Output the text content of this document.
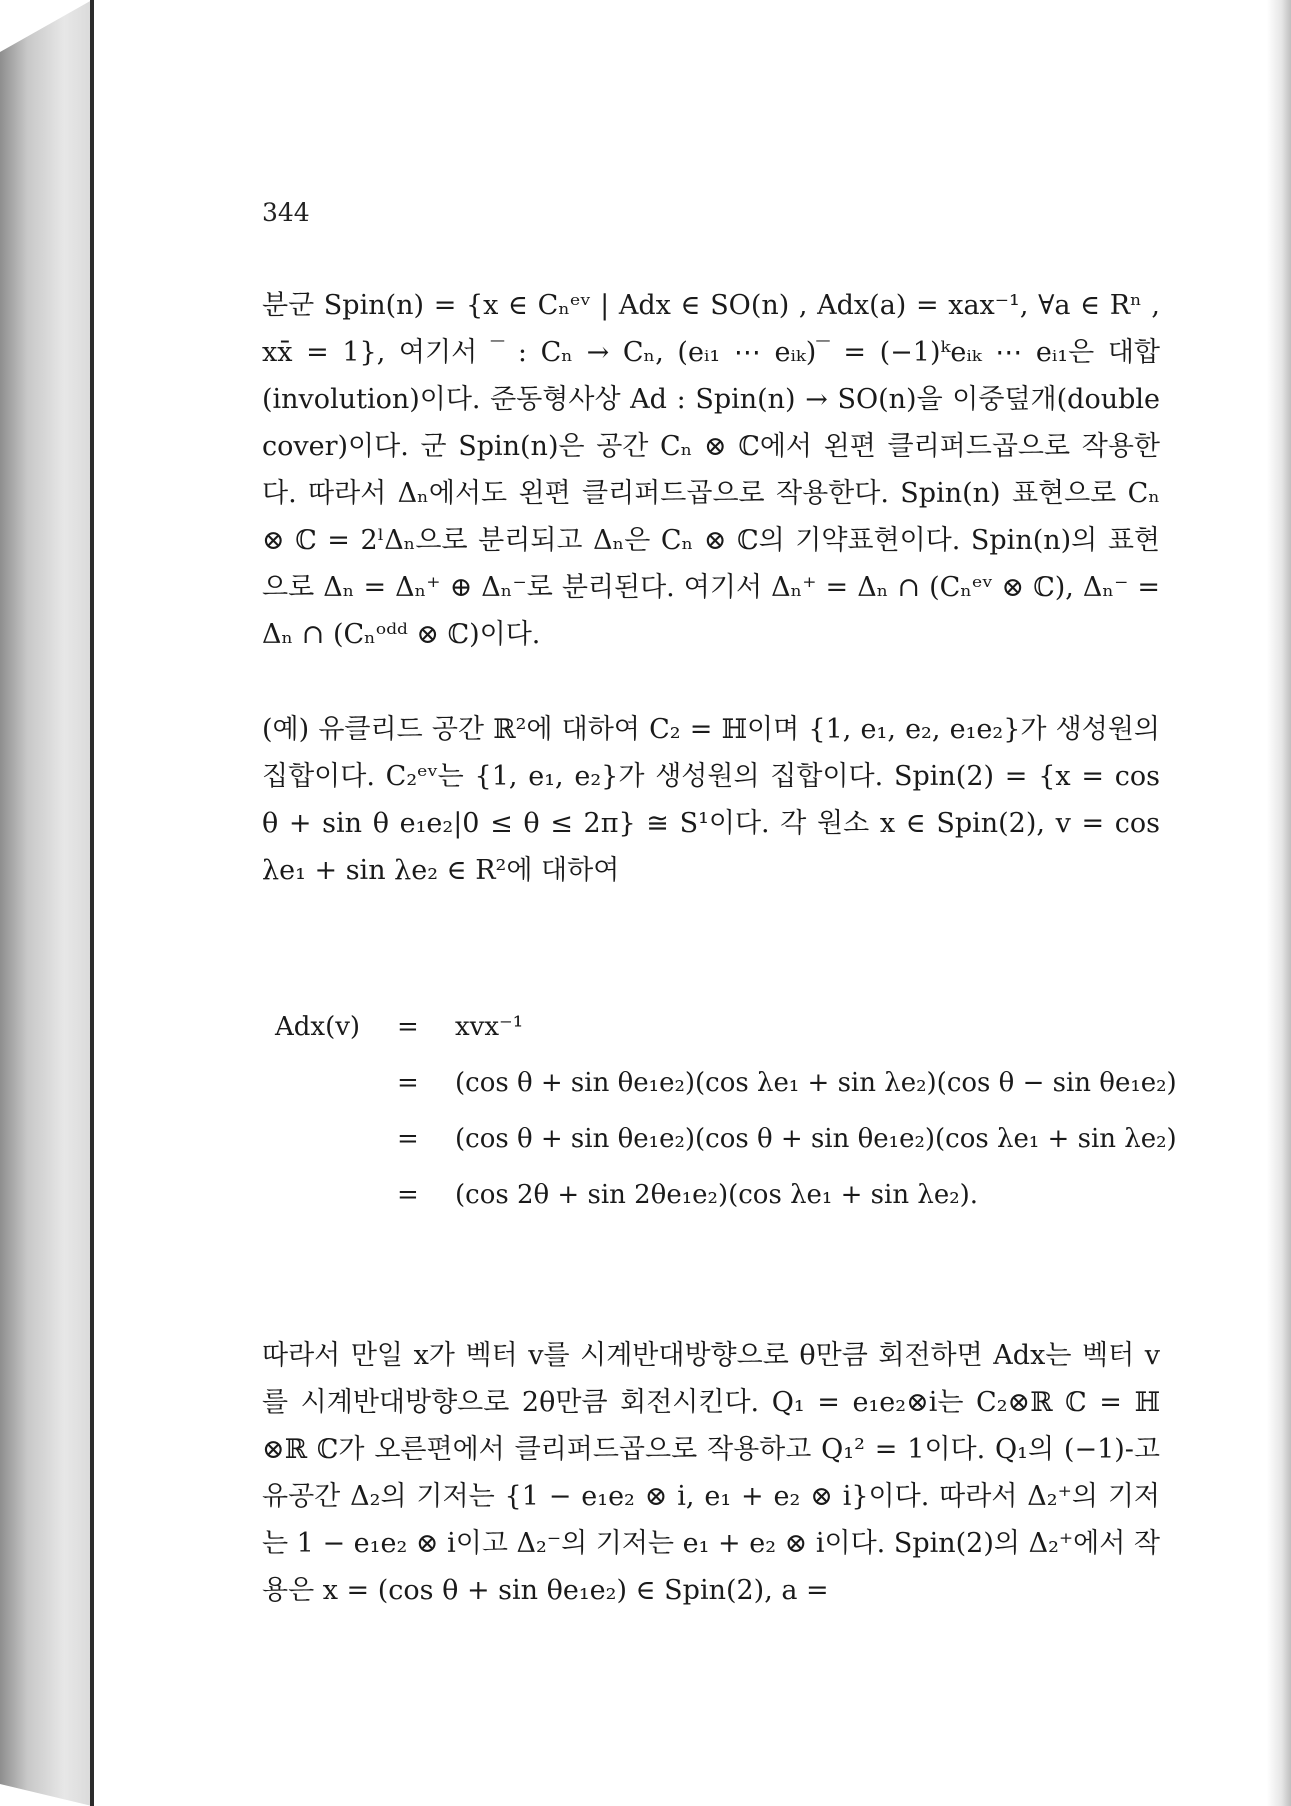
344

분군 Spin(n) = {x ∈ Cₙᵉᵛ | Adx ∈ SO(n) , Adx(a) = xax⁻¹, ∀a ∈ Rⁿ , xx̄ = 1}, 여기서 ‾ : Cₙ → Cₙ, (eᵢ₁ ⋯ eᵢₖ)‾ = (−1)ᵏeᵢₖ ⋯ eᵢ₁은 대합(involution)이다. 준동형사상 Ad : Spin(n) → SO(n)을 이중덮개(double cover)이다. 군 Spin(n)은 공간 Cₙ ⊗ ℂ에서 왼편 클리퍼드곱으로 작용한다. 따라서 Δₙ에서도 왼편 클리퍼드곱으로 작용한다. Spin(n) 표현으로 Cₙ ⊗ ℂ = 2ˡΔₙ으로 분리되고 Δₙ은 Cₙ ⊗ ℂ의 기약표현이다. Spin(n)의 표현으로 Δₙ = Δₙ⁺ ⊕ Δₙ⁻로 분리된다. 여기서 Δₙ⁺ = Δₙ ∩ (Cₙᵉᵛ ⊗ ℂ), Δₙ⁻ = Δₙ ∩ (Cₙᵒᵈᵈ ⊗ ℂ)이다.

(예) 유클리드 공간 ℝ²에 대하여 C₂ = ℍ이며 {1, e₁, e₂, e₁e₂}가 생성원의 집합이다. C₂ᵉᵛ는 {1, e₁, e₂}가 생성원의 집합이다. Spin(2) = {x = cos θ + sin θ e₁e₂|0 ≤ θ ≤ 2π} ≅ S¹이다. 각 원소 x ∈ Spin(2), v = cos λe₁ + sin λe₂ ∈ R²에 대하여

Adx(v)	= xvx⁻¹
= (cos θ + sin θe₁e₂)(cos λe₁ + sin λe₂)(cos θ − sin θe₁e₂)
= (cos θ + sin θe₁e₂)(cos θ + sin θe₁e₂)(cos λe₁ + sin λe₂)
= (cos 2θ + sin 2θe₁e₂)(cos λe₁ + sin λe₂).

따라서 만일 x가 벡터 v를 시계반대방향으로 θ만큼 회전하면 Adx는 벡터 v를 시계반대방향으로 2θ만큼 회전시킨다. Q₁ = e₁e₂⊗i는 C₂⊗ℝ ℂ = ℍ ⊗ℝ ℂ가 오른편에서 클리퍼드곱으로 작용하고 Q₁² = 1이다. Q₁의 (−1)-고유공간 Δ₂의 기저는 {1 − e₁e₂ ⊗ i, e₁ + e₂ ⊗ i}이다. 따라서 Δ₂⁺의 기저는 1 − e₁e₂ ⊗ i이고 Δ₂⁻의 기저는 e₁ + e₂ ⊗ i이다. Spin(2)의 Δ₂⁺에서 작용은 x = (cos θ + sin θe₁e₂) ∈ Spin(2), a =
